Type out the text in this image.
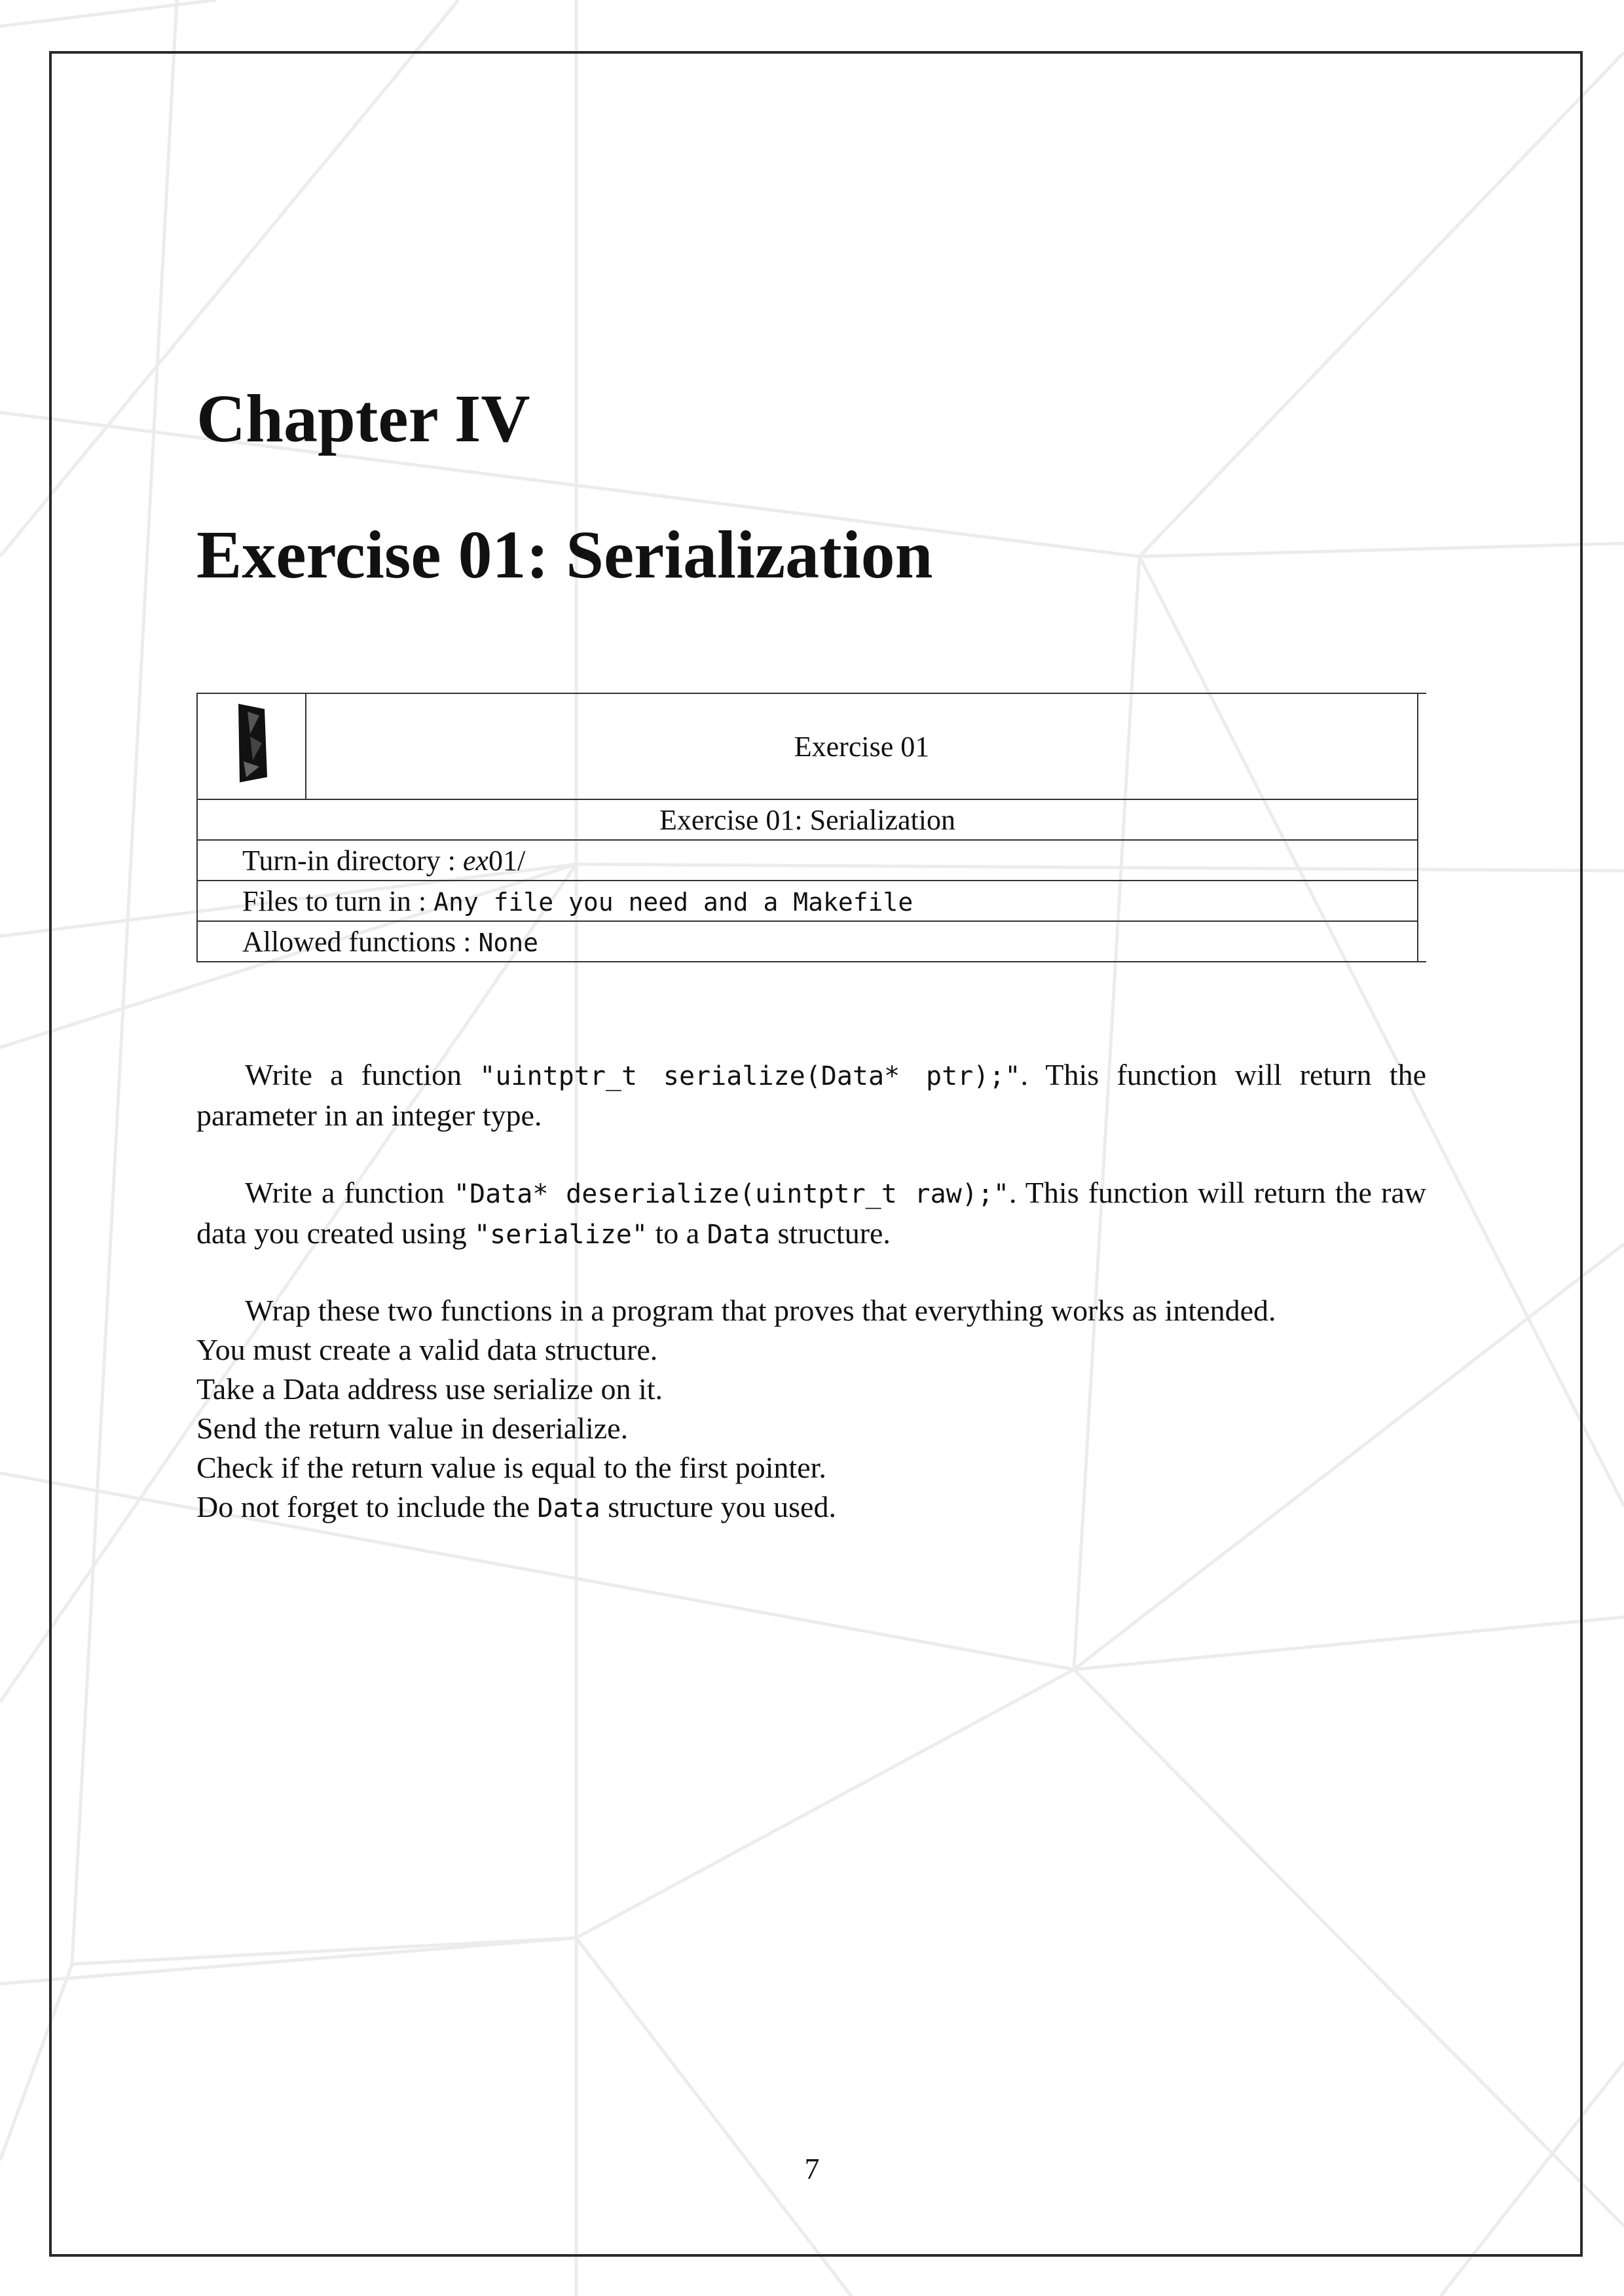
Chapter IV
Exercise 01: Serialization
	Exercise 01	
Exercise 01: Serialization		
Turn-in directory : ex01/		
Files to turn in : Any file you need and a Makefile		
Allowed functions : None		

Write a function "uintptr_t serialize(Data* ptr);". This function will return the parameter in an integer type.

Write a function "Data* deserialize(uintptr_t raw);". This function will return the raw data you created using "serialize" to a Data structure.

Wrap these two functions in a program that proves that everything works as intended.

You must create a valid data structure.

Take a Data address use serialize on it.

Send the return value in deserialize.

Check if the return value is equal to the first pointer.

Do not forget to include the Data structure you used.

7
